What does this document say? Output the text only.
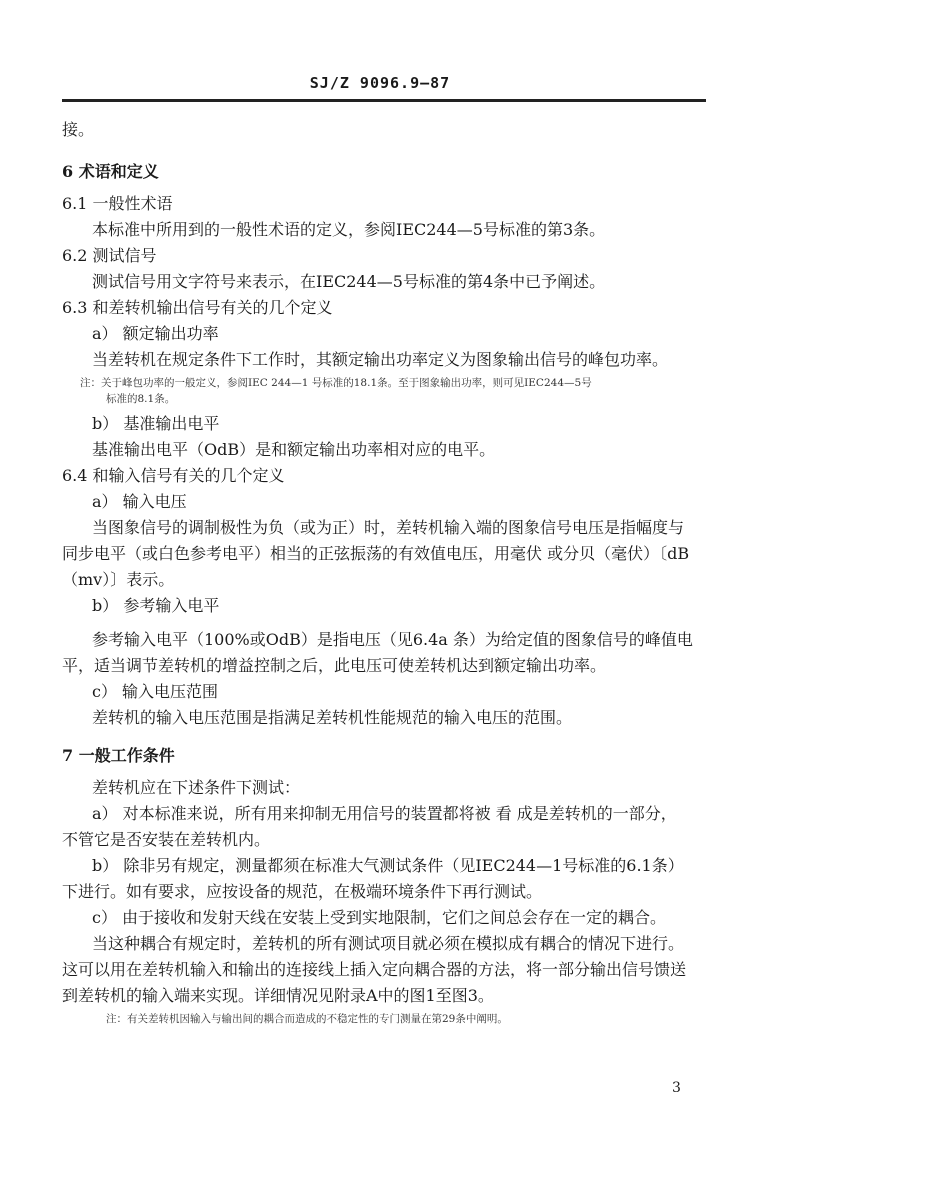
SJ/Z 9096.9—87
接。
6 术语和定义
6.1 一般性术语
本标准中所用到的一般性术语的定义，参阅IEC244—5号标准的第3条。
6.2 测试信号
测试信号用文字符号来表示，在IEC244—5号标准的第4条中已予阐述。
6.3 和差转机输出信号有关的几个定义
a） 额定输出功率
当差转机在规定条件下工作时，其额定输出功率定义为图象输出信号的峰包功率。
注：关于峰包功率的一般定义，参阅IEC 244—1 号标准的18.1条。至于图象输出功率，则可见IEC244—5号
标准的8.1条。
b） 基准输出电平
基准输出电平（OdB）是和额定输出功率相对应的电平。
6.4 和输入信号有关的几个定义
a） 输入电压
当图象信号的调制极性为负（或为正）时，差转机输入端的图象信号电压是指幅度与
同步电平（或白色参考电平）相当的正弦振荡的有效值电压，用毫伏 或分贝（毫伏）〔dB
（mv）〕表示。
b） 参考输入电平
参考输入电平（100%或OdB）是指电压（见6.4a 条）为给定值的图象信号的峰值电
平，适当调节差转机的增益控制之后，此电压可使差转机达到额定输出功率。
c） 输入电压范围
差转机的输入电压范围是指满足差转机性能规范的输入电压的范围。
7 一般工作条件
差转机应在下述条件下测试：
a） 对本标准来说，所有用来抑制无用信号的装置都将被 看 成是差转机的一部分，
不管它是否安装在差转机内。
b） 除非另有规定，测量都须在标准大气测试条件（见IEC244—1号标准的6.1条）
下进行。如有要求，应按设备的规范，在极端环境条件下再行测试。
c） 由于接收和发射天线在安装上受到实地限制，它们之间总会存在一定的耦合。
当这种耦合有规定时，差转机的所有测试项目就必须在模拟成有耦合的情况下进行。
这可以用在差转机输入和输出的连接线上插入定向耦合器的方法，将一部分输出信号馈送
到差转机的输入端来实现。详细情况见附录A中的图1至图3。
注：有关差转机因输入与输出间的耦合而造成的不稳定性的专门测量在第29条中阐明。
3
